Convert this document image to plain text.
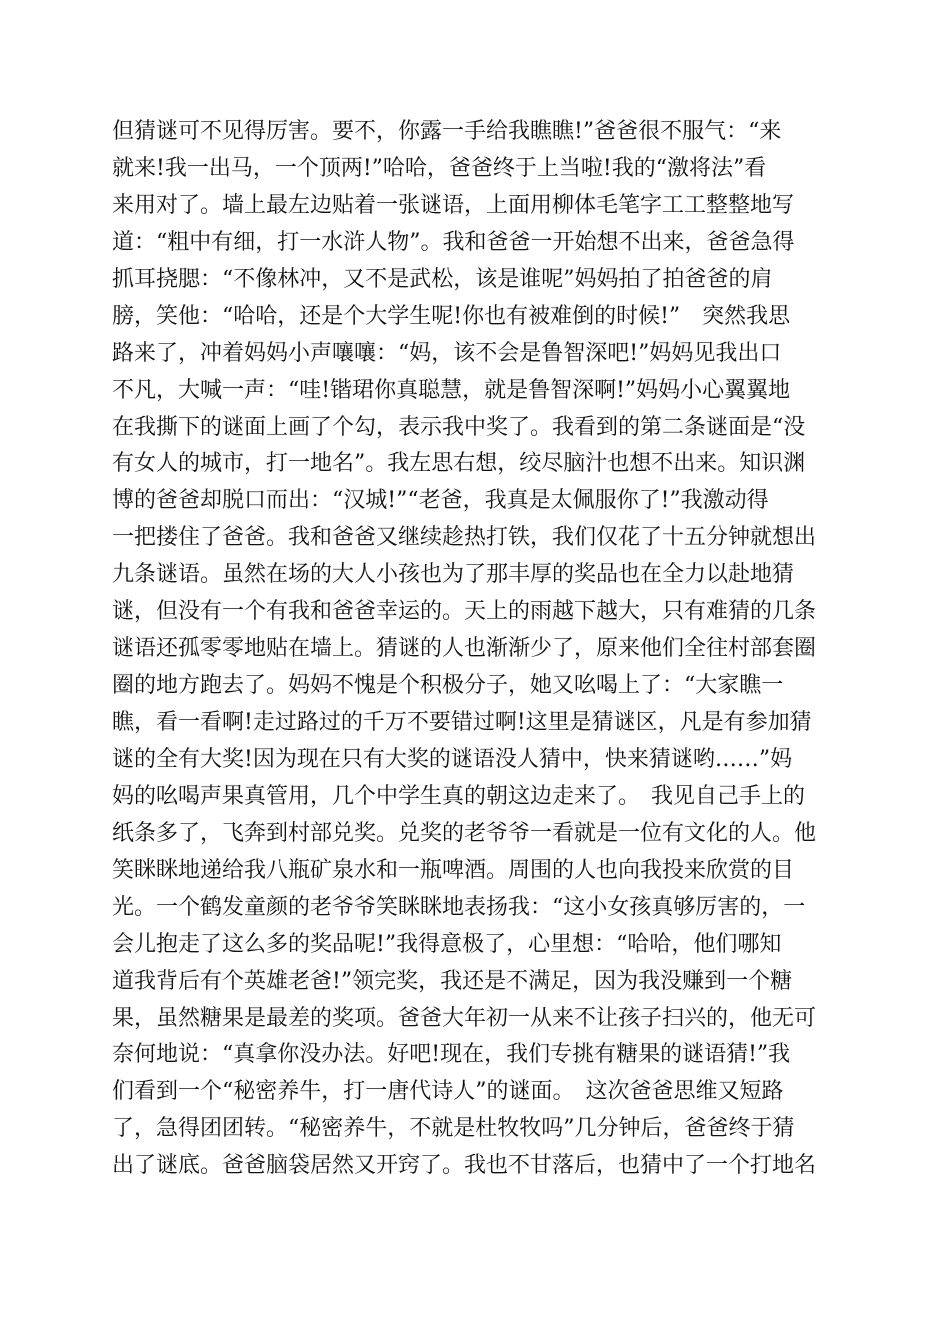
但猜谜可不见得厉害。要不，你露一手给我瞧瞧!”爸爸很不服气：“来
就来!我一出马，一个顶两!”哈哈，爸爸终于上当啦!我的“激将法”看
来用对了。墙上最左边贴着一张谜语，上面用柳体毛笔字工工整整地写
道：“粗中有细，打一水浒人物”。我和爸爸一开始想不出来，爸爸急得
抓耳挠腮：“不像林冲，又不是武松，该是谁呢”妈妈拍了拍爸爸的肩
膀，笑他：“哈哈，还是个大学生呢!你也有被难倒的时候!”　突然我思
路来了，冲着妈妈小声嚷嚷：“妈，该不会是鲁智深吧!”妈妈见我出口
不凡，大喊一声：“哇!锴珺你真聪慧，就是鲁智深啊!”妈妈小心翼翼地
在我撕下的谜面上画了个勾，表示我中奖了。我看到的第二条谜面是“没
有女人的城市，打一地名”。我左思右想，绞尽脑汁也想不出来。知识渊
博的爸爸却脱口而出：“汉城!”“老爸，我真是太佩服你了!”我激动得
一把搂住了爸爸。我和爸爸又继续趁热打铁，我们仅花了十五分钟就想出
九条谜语。虽然在场的大人小孩也为了那丰厚的奖品也在全力以赴地猜
谜，但没有一个有我和爸爸幸运的。天上的雨越下越大，只有难猜的几条
谜语还孤零零地贴在墙上。猜谜的人也渐渐少了，原来他们全往村部套圈
圈的地方跑去了。妈妈不愧是个积极分子，她又吆喝上了：“大家瞧一
瞧，看一看啊!走过路过的千万不要错过啊!这里是猜谜区，凡是有参加猜
谜的全有大奖!因为现在只有大奖的谜语没人猜中，快来猜谜哟……”妈
妈的吆喝声果真管用，几个中学生真的朝这边走来了。　我见自己手上的
纸条多了，飞奔到村部兑奖。兑奖的老爷爷一看就是一位有文化的人。他
笑眯眯地递给我八瓶矿泉水和一瓶啤酒。周围的人也向我投来欣赏的目
光。一个鹤发童颜的老爷爷笑眯眯地表扬我：“这小女孩真够厉害的，一
会儿抱走了这么多的奖品呢!”我得意极了，心里想：“哈哈，他们哪知
道我背后有个英雄老爸!”领完奖，我还是不满足，因为我没赚到一个糖
果，虽然糖果是最差的奖项。爸爸大年初一从来不让孩子扫兴的，他无可
奈何地说：“真拿你没办法。好吧!现在，我们专挑有糖果的谜语猜!”我
们看到一个“秘密养牛，打一唐代诗人”的谜面。　这次爸爸思维又短路
了，急得团团转。“秘密养牛，不就是杜牧牧吗”几分钟后，爸爸终于猜
出了谜底。爸爸脑袋居然又开窍了。我也不甘落后，也猜中了一个打地名
